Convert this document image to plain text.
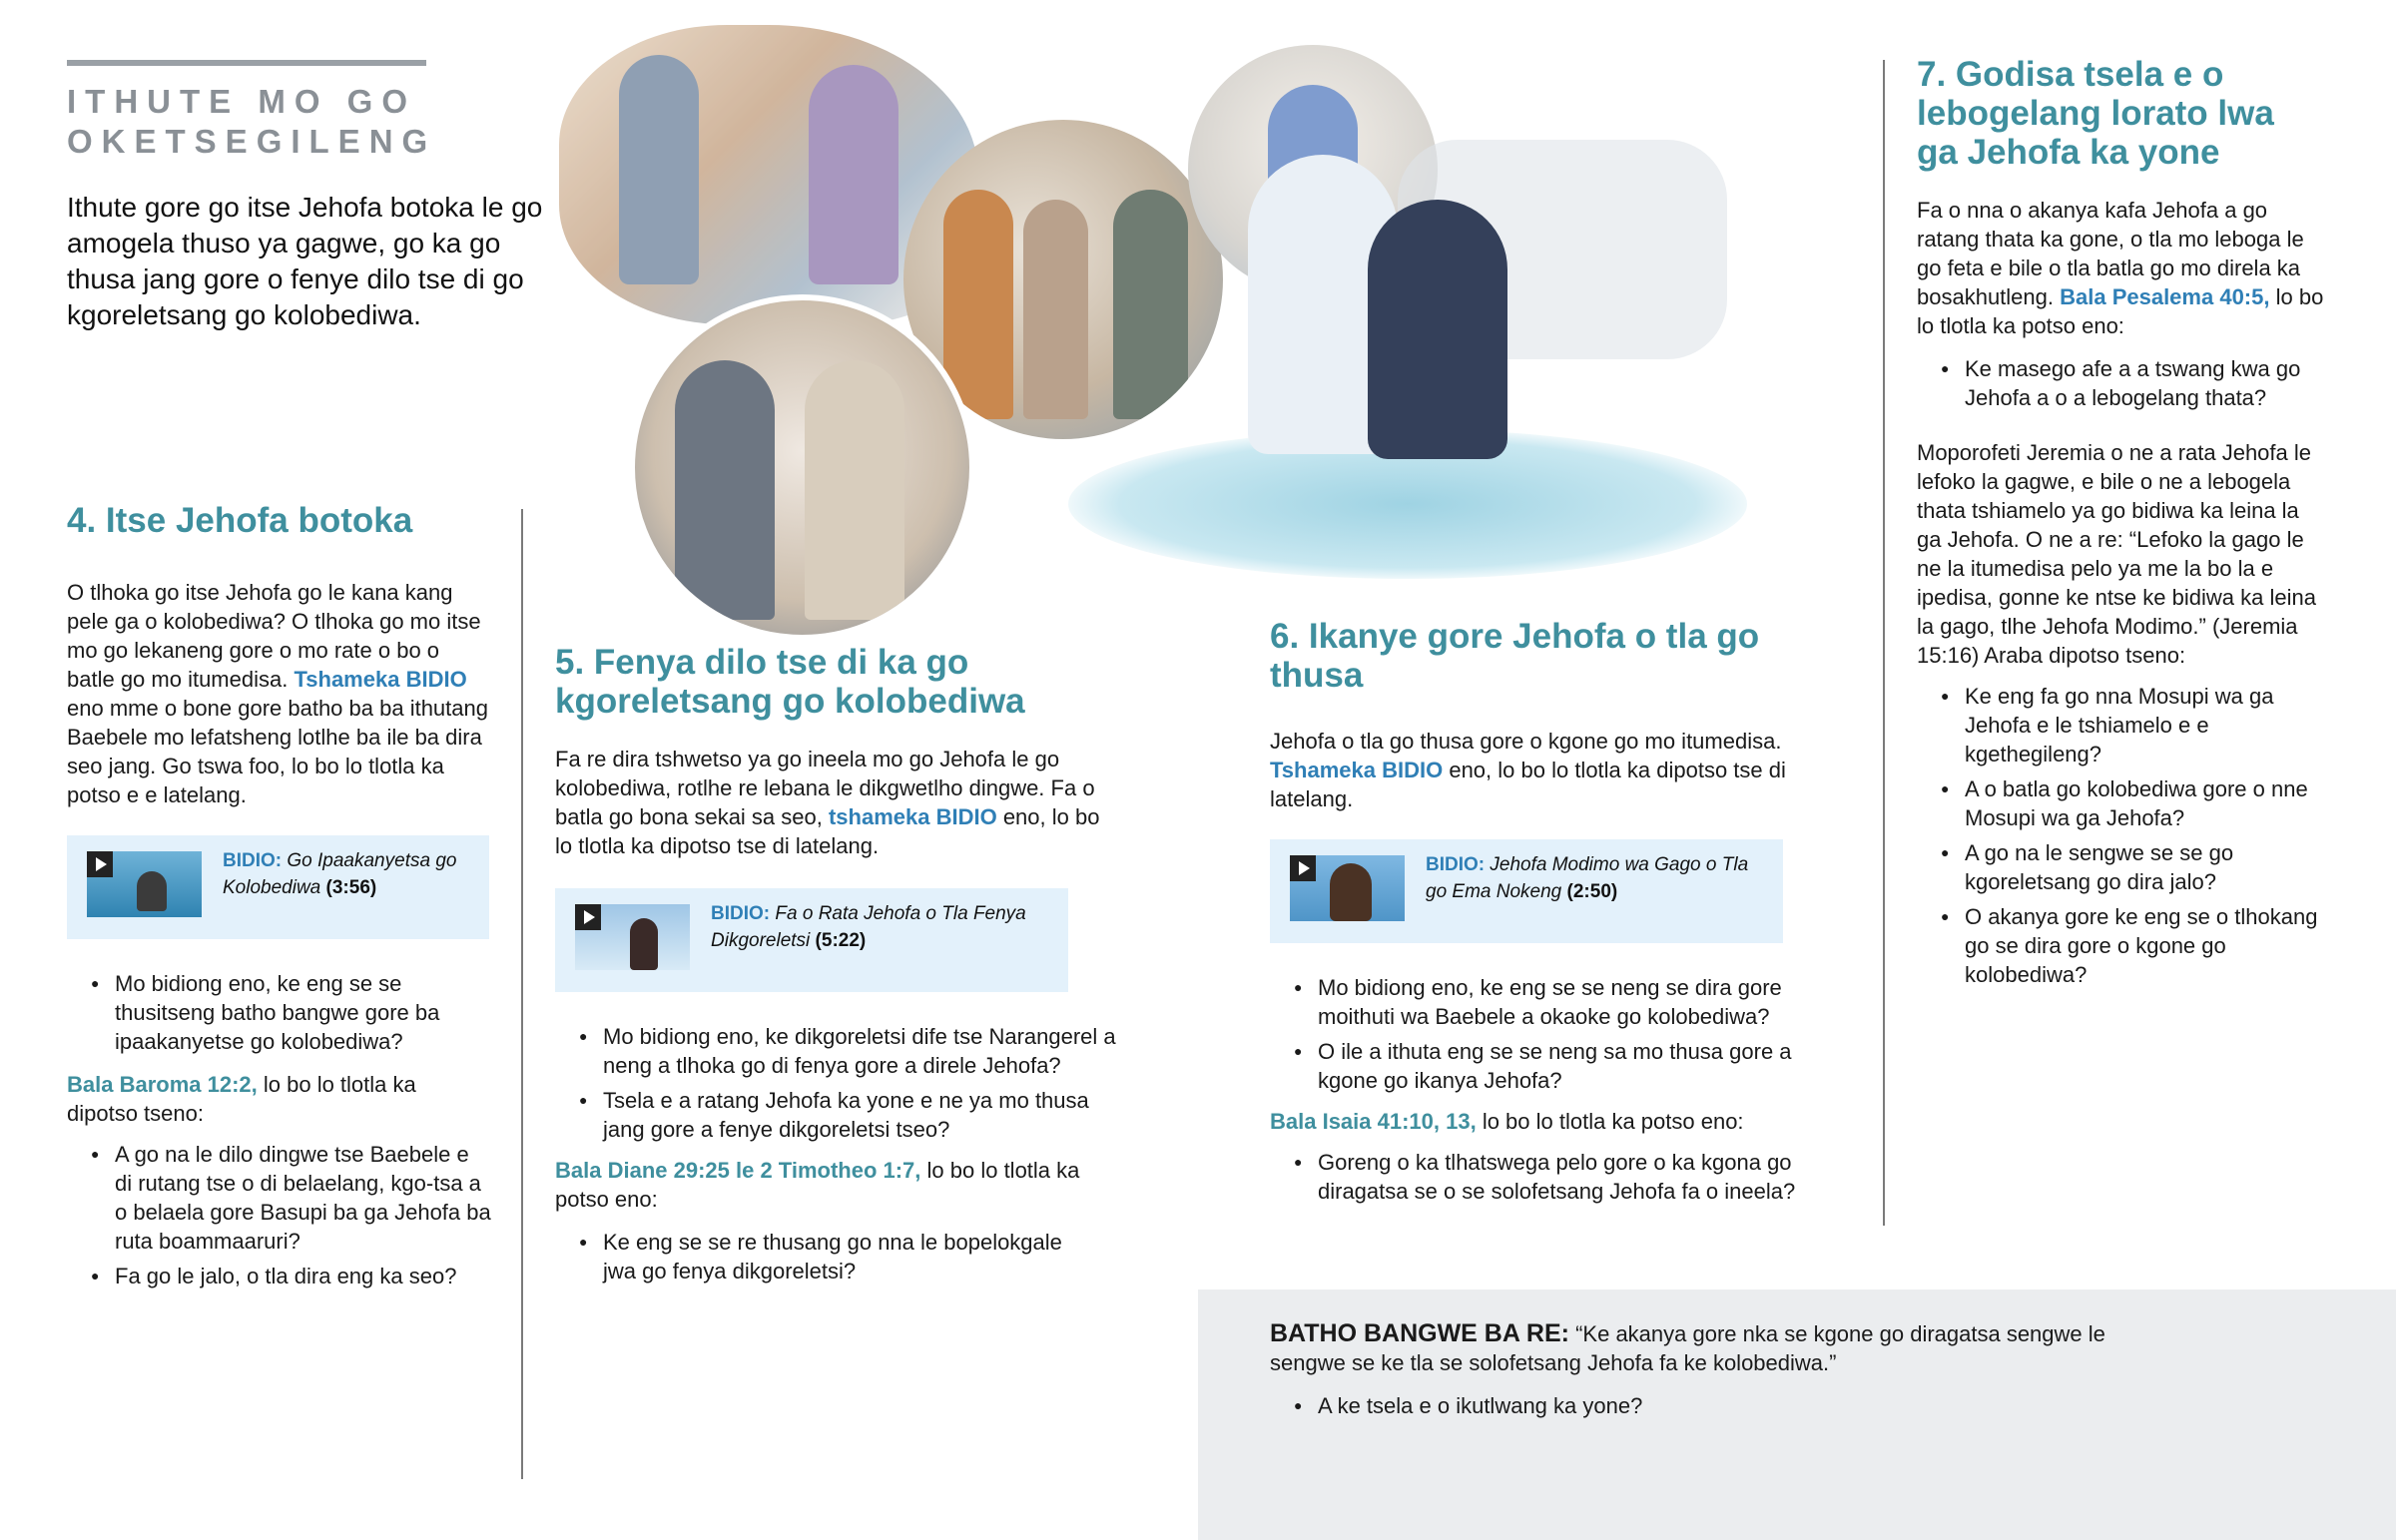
ITHUTE MO GO
OKETSEGILENG
Ithute gore go itse Jehofa botoka le go amogela thuso ya gagwe, go ka go thusa jang gore o fenye dilo tse di go kgoreletsang go kolobediwa.
4. Itse Jehofa botoka
O tlhoka go itse Jehofa go le kana kang pele ga o kolobediwa? O tlhoka go mo itse mo go lekaneng gore o mo rate o bo o batle go mo itumedisa. Tshameka BIDIO eno mme o bone gore batho ba ba ithutang Baebele mo lefatsheng lotlhe ba ile ba dira seo jang. Go tswa foo, lo bo lo tlotla ka potso e e latelang.
BIDIO: Go Ipaakanyetsa go Kolobediwa (3:56)
● Mo bidiong eno, ke eng se se thusitseng batho bangwe gore ba ipaakanyetse go kolobediwa?
Bala Baroma 12:2, lo bo lo tlotla ka dipotso tseno:
● A go na le dilo dingwe tse Baebele e di rutang tse o di belaelang, kgo-tsa a o belaela gore Basupi ba ga Jehofa ba ruta boammaaruri?
● Fa go le jalo, o tla dira eng ka seo?
5. Fenya dilo tse di ka go kgoreletsang go kolobediwa
Fa re dira tshwetso ya go ineela mo go Jehofa le go kolobediwa, rotlhe re lebana le dikgwetlho dingwe. Fa o batla go bona sekai sa seo, tshameka BIDIO eno, lo bo lo tlotla ka dipotso tse di latelang.
BIDIO: Fa o Rata Jehofa o Tla Fenya Dikgoreletsi (5:22)
● Mo bidiong eno, ke dikgoreletsi dife tse Narangerel a neng a tlhoka go di fenya gore a direle Jehofa?
● Tsela e a ratang Jehofa ka yone e ne ya mo thusa jang gore a fenye dikgoreletsi tseo?
Bala Diane 29:25 le 2 Timotheo 1:7, lo bo lo tlotla ka potso eno:
● Ke eng se se re thusang go nna le bopelokgale jwa go fenya dikgoreletsi?
6. Ikanye gore Jehofa o tla go thusa
Jehofa o tla go thusa gore o kgone go mo itumedisa. Tshameka BIDIO eno, lo bo lo tlotla ka dipotso tse di latelang.
BIDIO: Jehofa Modimo wa Gago o Tla go Ema Nokeng (2:50)
● Mo bidiong eno, ke eng se se neng se dira gore moithuti wa Baebele a okaoke go kolobediwa?
● O ile a ithuta eng se se neng sa mo thusa gore a kgone go ikanya Jehofa?
Bala Isaia 41:10, 13, lo bo lo tlotla ka potso eno:
● Goreng o ka tlhatswega pelo gore o ka kgona go diragatsa se o se solofetsang Jehofa fa o ineela?
7. Godisa tsela e o lebogelang lorato lwa ga Jehofa ka yone
Fa o nna o akanya kafa Jehofa a go ratang thata ka gone, o tla mo leboga le go feta e bile o tla batla go mo direla ka bosakhutleng. Bala Pesalema 40:5, lo bo lo tlotla ka potso eno:
● Ke masego afe a a tswang kwa go Jehofa a o a lebogelang thata?
Moporofeti Jeremia o ne a rata Jehofa le lefoko la gagwe, e bile o ne a lebogela thata tshiamelo ya go bidiwa ka leina la ga Jehofa. O ne a re: “Lefoko la gago le ne la itumedisa pelo ya me la bo la e ipedisa, gonne ke ntse ke bidiwa ka leina la gago, tlhe Jehofa Modimo.” (Jeremia 15:16) Araba dipotso tseno:
● Ke eng fa go nna Mosupi wa ga Jehofa e le tshiamelo e e kgethegileng?
● A o batla go kolobediwa gore o nne Mosupi wa ga Jehofa?
● A go na le sengwe se se go kgoreletsang go dira jalo?
● O akanya gore ke eng se o tlhokang go se dira gore o kgone go kolobediwa?
BATHO BANGWE BA RE: “Ke akanya gore nka se kgone go diragatsa sengwe le sengwe se ke tla se solofetsang Jehofa fa ke kolobediwa.”
● A ke tsela e o ikutlwang ka yone?
